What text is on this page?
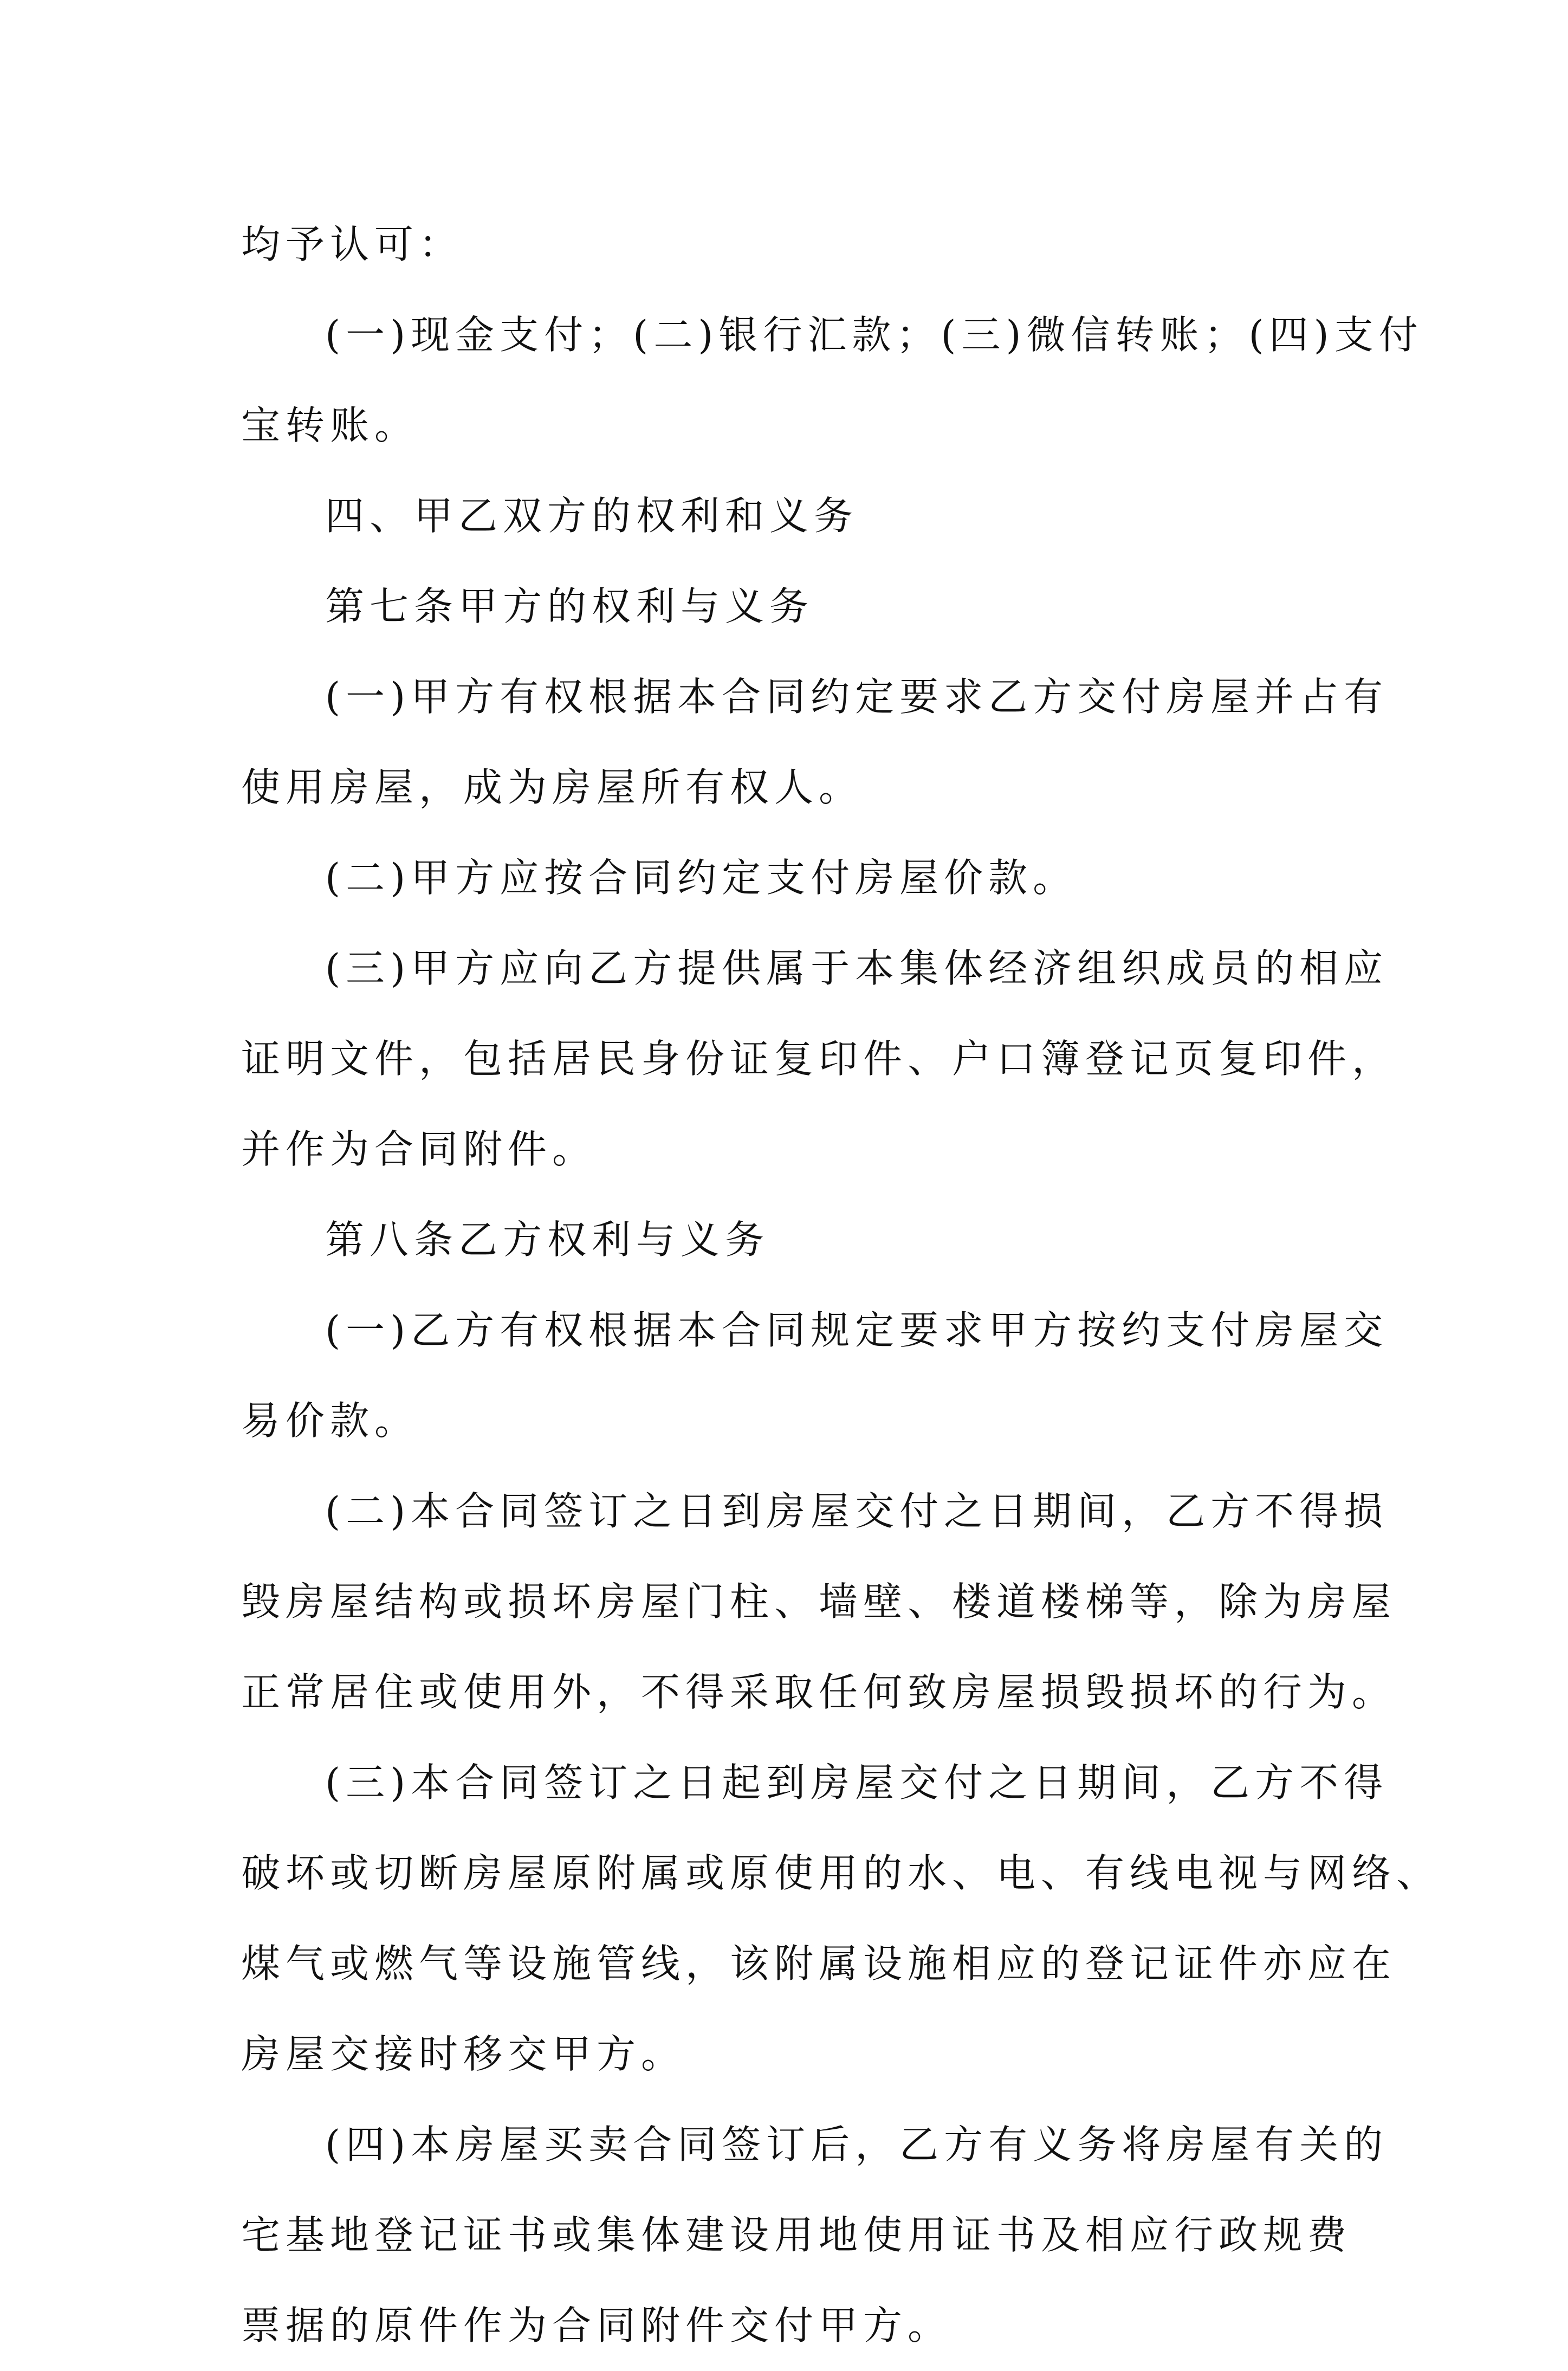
均予认可：
(一)现金支付；(二)银行汇款；(三)微信转账；(四)支付
宝转账。
四、甲乙双方的权利和义务
第七条甲方的权利与义务
(一)甲方有权根据本合同约定要求乙方交付房屋并占有
使用房屋，成为房屋所有权人。
(二)甲方应按合同约定支付房屋价款。
(三)甲方应向乙方提供属于本集体经济组织成员的相应
证明文件，包括居民身份证复印件、户口簿登记页复印件，
并作为合同附件。
第八条乙方权利与义务
(一)乙方有权根据本合同规定要求甲方按约支付房屋交
易价款。
(二)本合同签订之日到房屋交付之日期间，乙方不得损
毁房屋结构或损坏房屋门柱、墙壁、楼道楼梯等，除为房屋
正常居住或使用外，不得采取任何致房屋损毁损坏的行为。
(三)本合同签订之日起到房屋交付之日期间，乙方不得
破坏或切断房屋原附属或原使用的水、电、有线电视与网络、
煤气或燃气等设施管线，该附属设施相应的登记证件亦应在
房屋交接时移交甲方。
(四)本房屋买卖合同签订后，乙方有义务将房屋有关的
宅基地登记证书或集体建设用地使用证书及相应行政规费
票据的原件作为合同附件交付甲方。
